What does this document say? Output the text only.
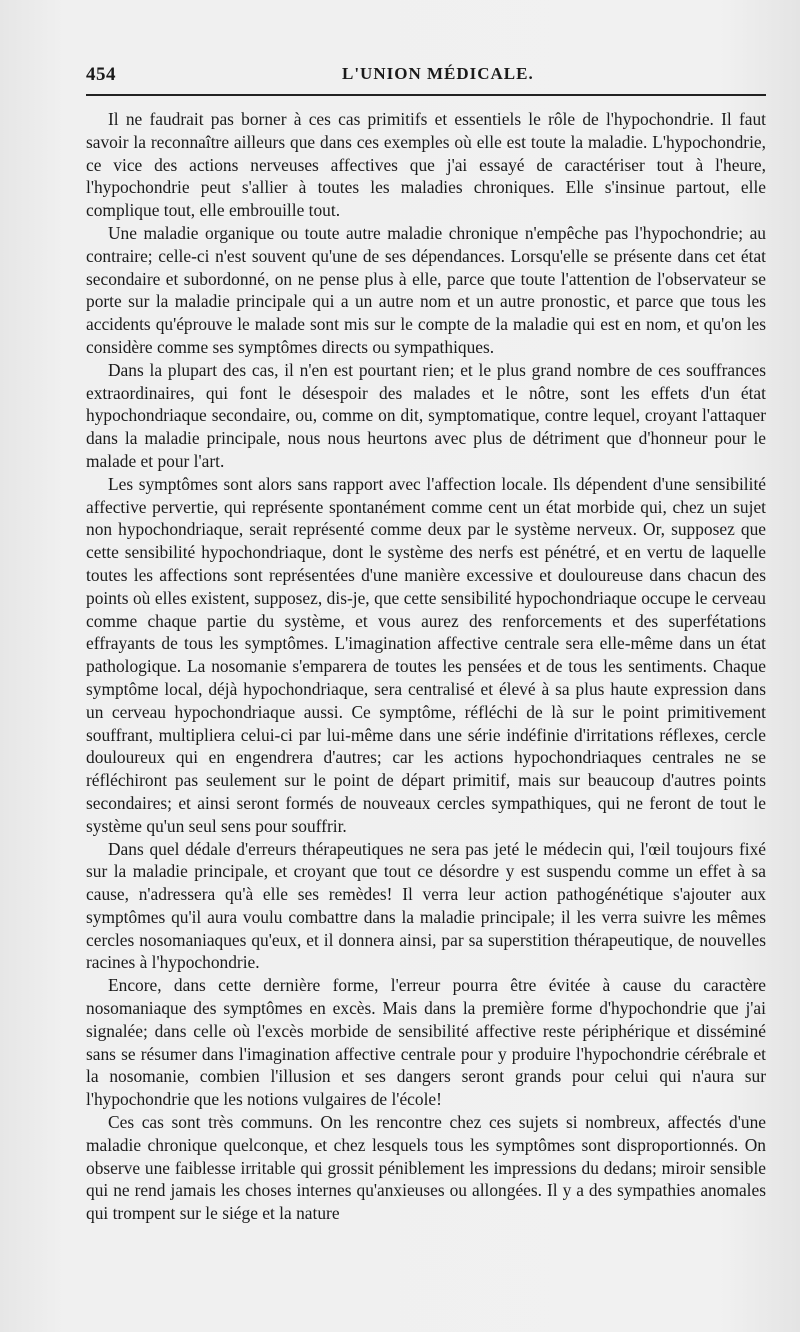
454	L'UNION MÉDICALE.

Il ne faudrait pas borner à ces cas primitifs et essentiels le rôle de l'hypochondrie. Il faut savoir la reconnaître ailleurs que dans ces exemples où elle est toute la maladie. L'hypochondrie, ce vice des actions nerveuses affectives que j'ai essayé de caractériser tout à l'heure, l'hypochondrie peut s'allier à toutes les maladies chroniques. Elle s'insinue partout, elle complique tout, elle embrouille tout.

Une maladie organique ou toute autre maladie chronique n'empêche pas l'hypochondrie; au contraire; celle-ci n'est souvent qu'une de ses dépendances. Lorsqu'elle se présente dans cet état secondaire et subordonné, on ne pense plus à elle, parce que toute l'attention de l'observateur se porte sur la maladie principale qui a un autre nom et un autre pronostic, et parce que tous les accidents qu'éprouve le malade sont mis sur le compte de la maladie qui est en nom, et qu'on les considère comme ses symptômes directs ou sympathiques.

Dans la plupart des cas, il n'en est pourtant rien; et le plus grand nombre de ces souffrances extraordinaires, qui font le désespoir des malades et le nôtre, sont les effets d'un état hypochondriaque secondaire, ou, comme on dit, symptomatique, contre lequel, croyant l'attaquer dans la maladie principale, nous nous heurtons avec plus de détriment que d'honneur pour le malade et pour l'art.

Les symptômes sont alors sans rapport avec l'affection locale. Ils dépendent d'une sensibilité affective pervertie, qui représente spontanément comme cent un état morbide qui, chez un sujet non hypochondriaque, serait représenté comme deux par le système nerveux. Or, supposez que cette sensibilité hypochondriaque, dont le système des nerfs est pénétré, et en vertu de laquelle toutes les affections sont représentées d'une manière excessive et douloureuse dans chacun des points où elles existent, supposez, dis-je, que cette sensibilité hypochondriaque occupe le cerveau comme chaque partie du système, et vous aurez des renforcements et des superfétations effrayants de tous les symptômes. L'imagination affective centrale sera elle-même dans un état pathologique. La nosomanie s'emparera de toutes les pensées et de tous les sentiments. Chaque symptôme local, déjà hypochondriaque, sera centralisé et élevé à sa plus haute expression dans un cerveau hypochondriaque aussi. Ce symptôme, réfléchi de là sur le point primitivement souffrant, multipliera celui-ci par lui-même dans une série indéfinie d'irritations réflexes, cercle douloureux qui en engendrera d'autres; car les actions hypochondriaques centrales ne se réfléchiront pas seulement sur le point de départ primitif, mais sur beaucoup d'autres points secondaires; et ainsi seront formés de nouveaux cercles sympathiques, qui ne feront de tout le système qu'un seul sens pour souffrir.

Dans quel dédale d'erreurs thérapeutiques ne sera pas jeté le médecin qui, l'œil toujours fixé sur la maladie principale, et croyant que tout ce désordre y est suspendu comme un effet à sa cause, n'adressera qu'à elle ses remèdes! Il verra leur action pathogénétique s'ajouter aux symptômes qu'il aura voulu combattre dans la maladie principale; il les verra suivre les mêmes cercles nosomaniaques qu'eux, et il donnera ainsi, par sa superstition thérapeutique, de nouvelles racines à l'hypochondrie.

Encore, dans cette dernière forme, l'erreur pourra être évitée à cause du caractère nosomaniaque des symptômes en excès. Mais dans la première forme d'hypochondrie que j'ai signalée; dans celle où l'excès morbide de sensibilité affective reste périphérique et disséminé sans se résumer dans l'imagination affective centrale pour y produire l'hypochondrie cérébrale et la nosomanie, combien l'illusion et ses dangers seront grands pour celui qui n'aura sur l'hypochondrie que les notions vulgaires de l'école!

Ces cas sont très communs. On les rencontre chez ces sujets si nombreux, affectés d'une maladie chronique quelconque, et chez lesquels tous les symptômes sont disproportionnés. On observe une faiblesse irritable qui grossit péniblement les impressions du dedans; miroir sensible qui ne rend jamais les choses internes qu'anxieuses ou allongées. Il y a des sympathies anomales qui trompent sur le siége et la nature
